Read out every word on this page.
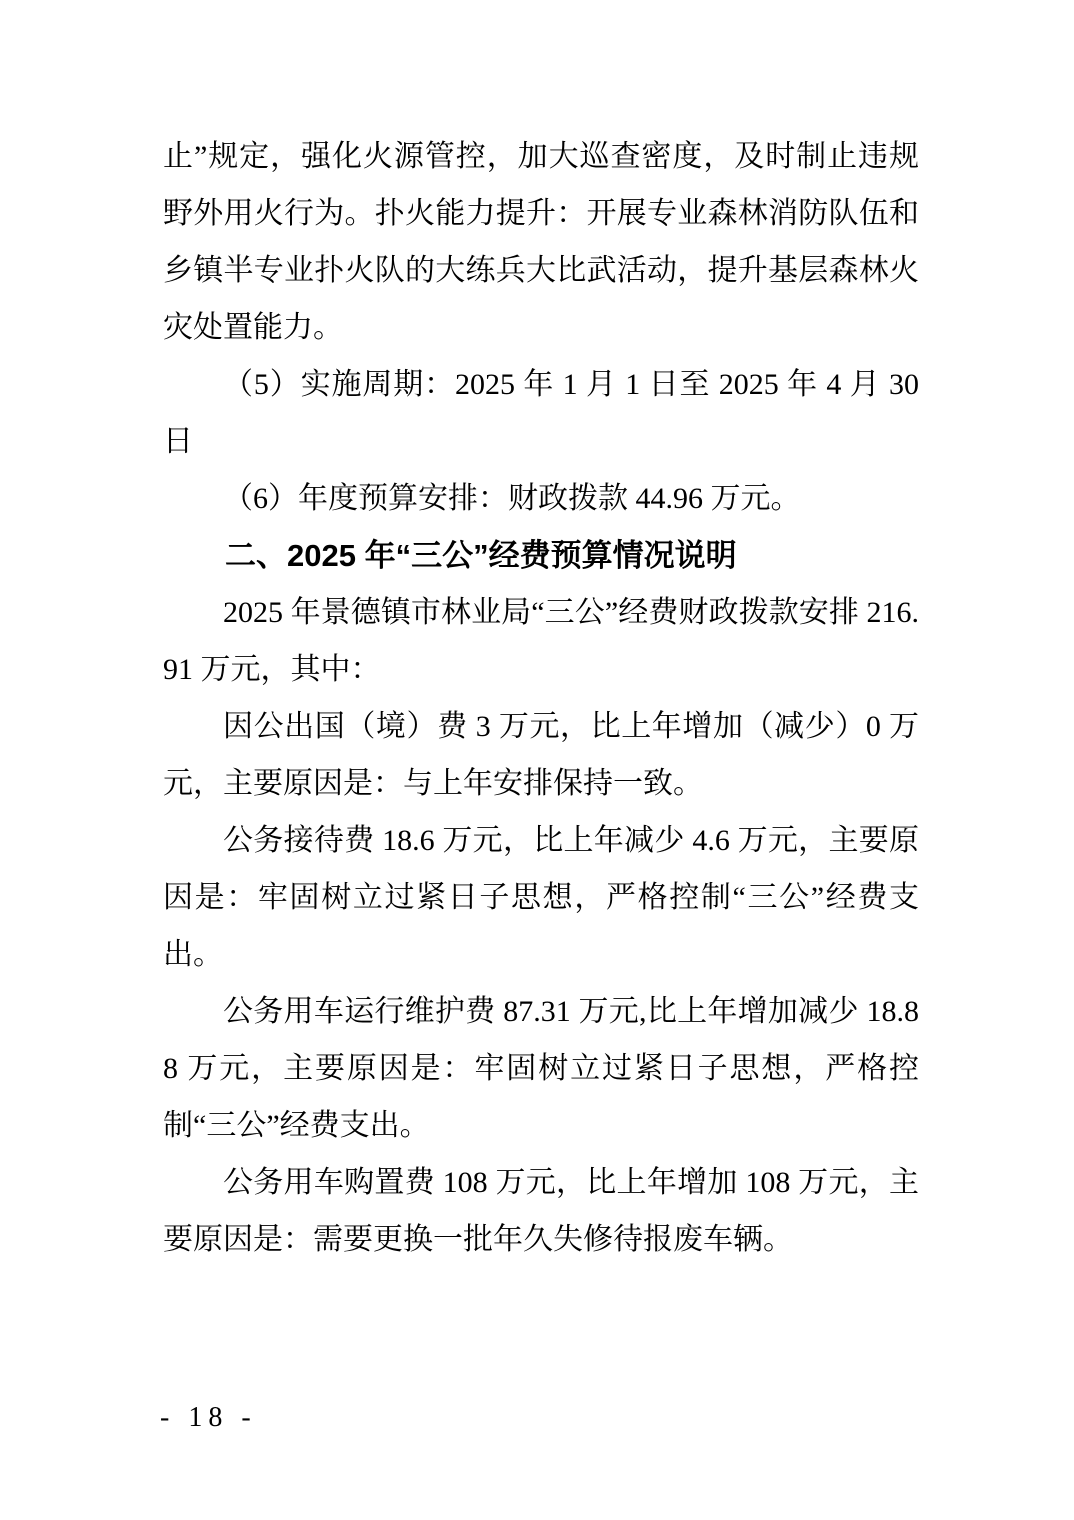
止”规定，强化火源管控，加大巡查密度，及时制止违规野外用火行为。扑火能力提升：开展专业森林消防队伍和乡镇半专业扑火队的大练兵大比武活动，提升基层森林火灾处置能力。

（5）实施周期：2025 年 1 月 1 日至 2025 年 4 月 30 日

（6）年度预算安排：财政拨款 44.96 万元。

二、2025 年“三公”经费预算情况说明

2025 年景德镇市林业局“三公”经费财政拨款安排 216.91 万元，其中：

因公出国（境）费 3 万元，比上年增加（减少）0 万元，主要原因是：与上年安排保持一致。

公务接待费 18.6 万元，比上年减少 4.6 万元，主要原因是：牢固树立过紧日子思想，严格控制“三公”经费支出。

公务用车运行维护费 87.31 万元,比上年增加减少 18.88 万元，主要原因是：牢固树立过紧日子思想，严格控制“三公”经费支出。

公务用车购置费 108 万元，比上年增加 108 万元，主要原因是：需要更换一批年久失修待报废车辆。

- 18 -
